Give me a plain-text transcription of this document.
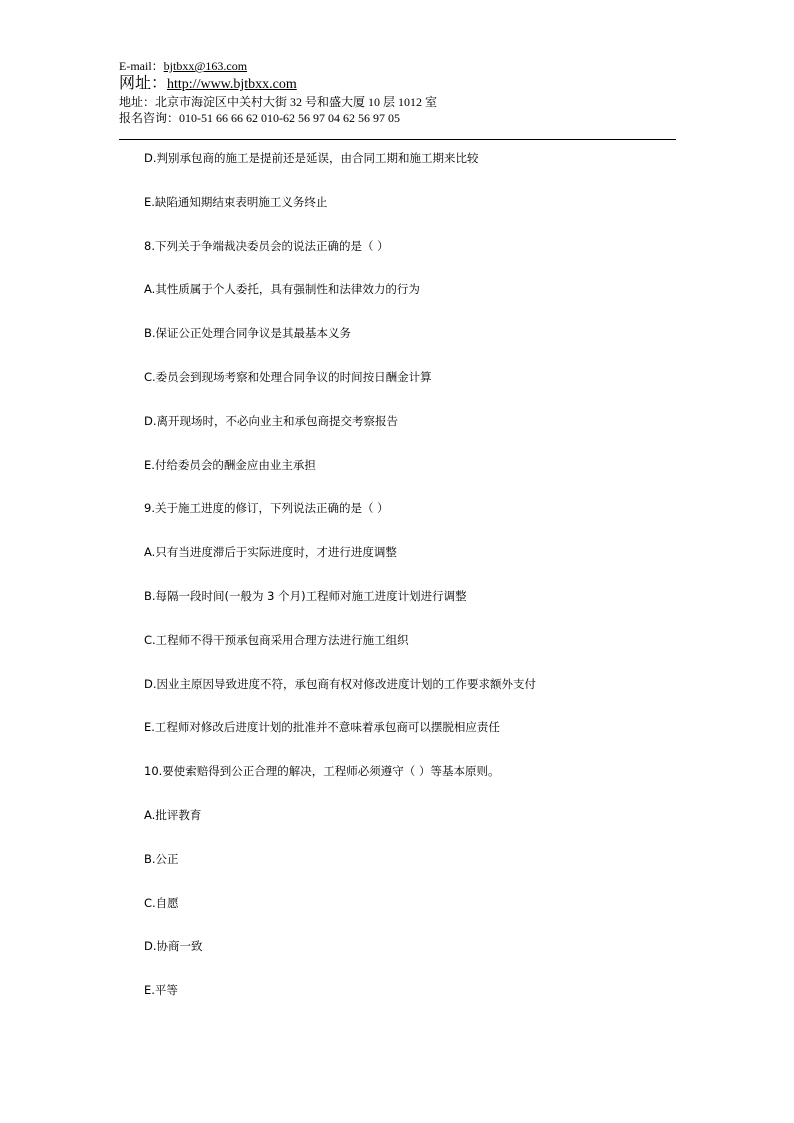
E-mail：bjtbxx@163.com
网址：http://www.bjtbxx.com
地址：北京市海淀区中关村大街 32 号和盛大厦 10 层 1012 室
报名咨询：010-51 66 66 62 010-62 56 97 04 62 56 97 05
D.判别承包商的施工是提前还是延误，由合同工期和施工期来比较
E.缺陷通知期结束表明施工义务终止
8.下列关于争端裁决委员会的说法正确的是（ ）
A.其性质属于个人委托，具有强制性和法律效力的行为
B.保证公正处理合同争议是其最基本义务
C.委员会到现场考察和处理合同争议的时间按日酬金计算
D.离开现场时，不必向业主和承包商提交考察报告
E.付给委员会的酬金应由业主承担
9.关于施工进度的修订，下列说法正确的是（ ）
A.只有当进度滞后于实际进度时，才进行进度调整
B.每隔一段时间(一般为 3 个月)工程师对施工进度计划进行调整
C.工程师不得干预承包商采用合理方法进行施工组织
D.因业主原因导致进度不符，承包商有权对修改进度计划的工作要求额外支付
E.工程师对修改后进度计划的批准并不意味着承包商可以摆脱相应责任
10.要使索赔得到公正合理的解决，工程师必须遵守（ ）等基本原则。
A.批评教育
B.公正
C.自愿
D.协商一致
E.平等
